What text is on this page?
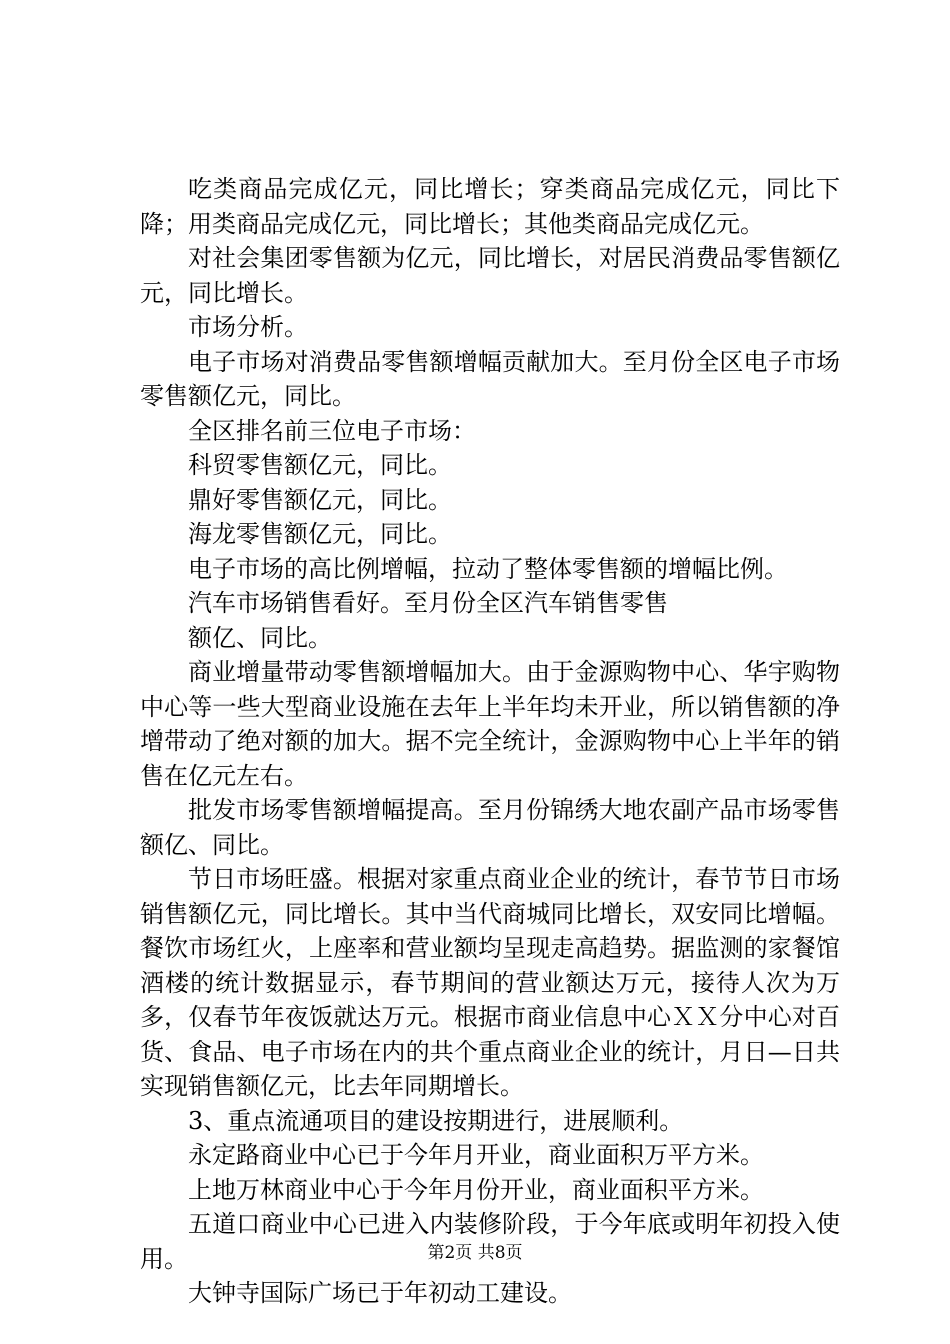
吃类商品完成亿元，同比增长；穿类商品完成亿元，同比下降；用类商品完成亿元，同比增长；其他类商品完成亿元。

对社会集团零售额为亿元，同比增长，对居民消费品零售额亿元，同比增长。

市场分析。

电子市场对消费品零售额增幅贡献加大。至月份全区电子市场零售额亿元，同比。

全区排名前三位电子市场：

科贸零售额亿元，同比。

鼎好零售额亿元，同比。

海龙零售额亿元，同比。

电子市场的高比例增幅，拉动了整体零售额的增幅比例。

汽车市场销售看好。至月份全区汽车销售零售

额亿、同比。

商业增量带动零售额增幅加大。由于金源购物中心、华宇购物中心等一些大型商业设施在去年上半年均未开业，所以销售额的净增带动了绝对额的加大。据不完全统计，金源购物中心上半年的销售在亿元左右。

批发市场零售额增幅提高。至月份锦绣大地农副产品市场零售额亿、同比。

节日市场旺盛。根据对家重点商业企业的统计，春节节日市场销售额亿元，同比增长。其中当代商城同比增长，双安同比增幅。餐饮市场红火，上座率和营业额均呈现走高趋势。据监测的家餐馆酒楼的统计数据显示，春节期间的营业额达万元，接待人次为万多，仅春节年夜饭就达万元。根据市商业信息中心ＸＸ分中心对百货、食品、电子市场在内的共个重点商业企业的统计，月日—日共实现销售额亿元，比去年同期增长。

3、重点流通项目的建设按期进行，进展顺利。

永定路商业中心已于今年月开业，商业面积万平方米。

上地万林商业中心于今年月份开业，商业面积平方米。

五道口商业中心已进入内装修阶段，于今年底或明年初投入使用。

大钟寺国际广场已于年初动工建设。

第2页 共8页
